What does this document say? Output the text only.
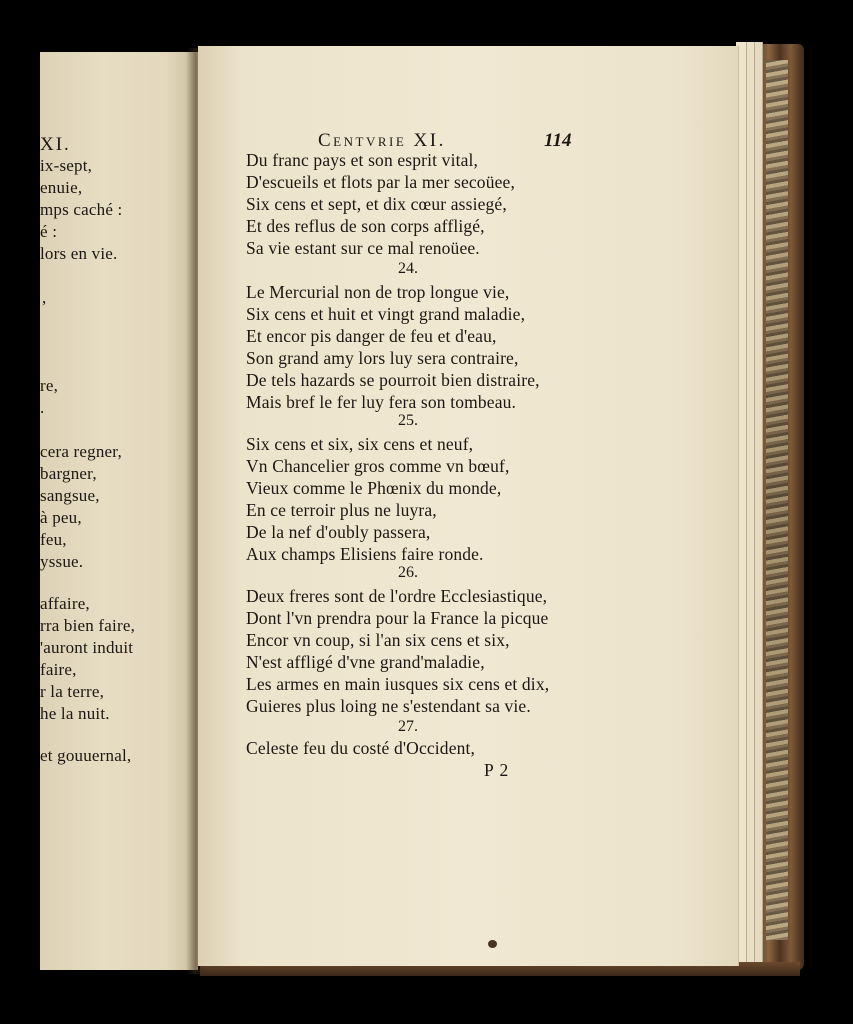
XI.
ix-sept,
enuie,
mps caché :
é :
lors en vie.
,
re,
.
cera regner,
bargner,
sangsue,
à peu,
feu,
yssue.
affaire,
rra bien faire,
'auront induit
faire,
r la terre,
he la nuit.
et gouuernal,
Centvrie XI.	114
Du franc pays et son esprit vital,
D'escueils et flots par la mer secoüee,
Six cens et sept, et dix cœur assiegé,
Et des reflus de son corps affligé,
Sa vie estant sur ce mal renoüee.
24.
Le Mercurial non de trop longue vie,
Six cens et huit et vingt grand maladie,
Et encor pis danger de feu et d'eau,
Son grand amy lors luy sera contraire,
De tels hazards se pourroit bien distraire,
Mais bref le fer luy fera son tombeau.
25.
Six cens et six, six cens et neuf,
Vn Chancelier gros comme vn bœuf,
Vieux comme le Phœnix du monde,
En ce terroir plus ne luyra,
De la nef d'oubly passera,
Aux champs Elisiens faire ronde.
26.
Deux freres sont de l'ordre Ecclesiastique,
Dont l'vn prendra pour la France la picque
Encor vn coup, si l'an six cens et six,
N'est affligé d'vne grand'maladie,
Les armes en main iusques six cens et dix,
Guieres plus loing ne s'estendant sa vie.
27.
Celeste feu du costé d'Occident,
P 2
